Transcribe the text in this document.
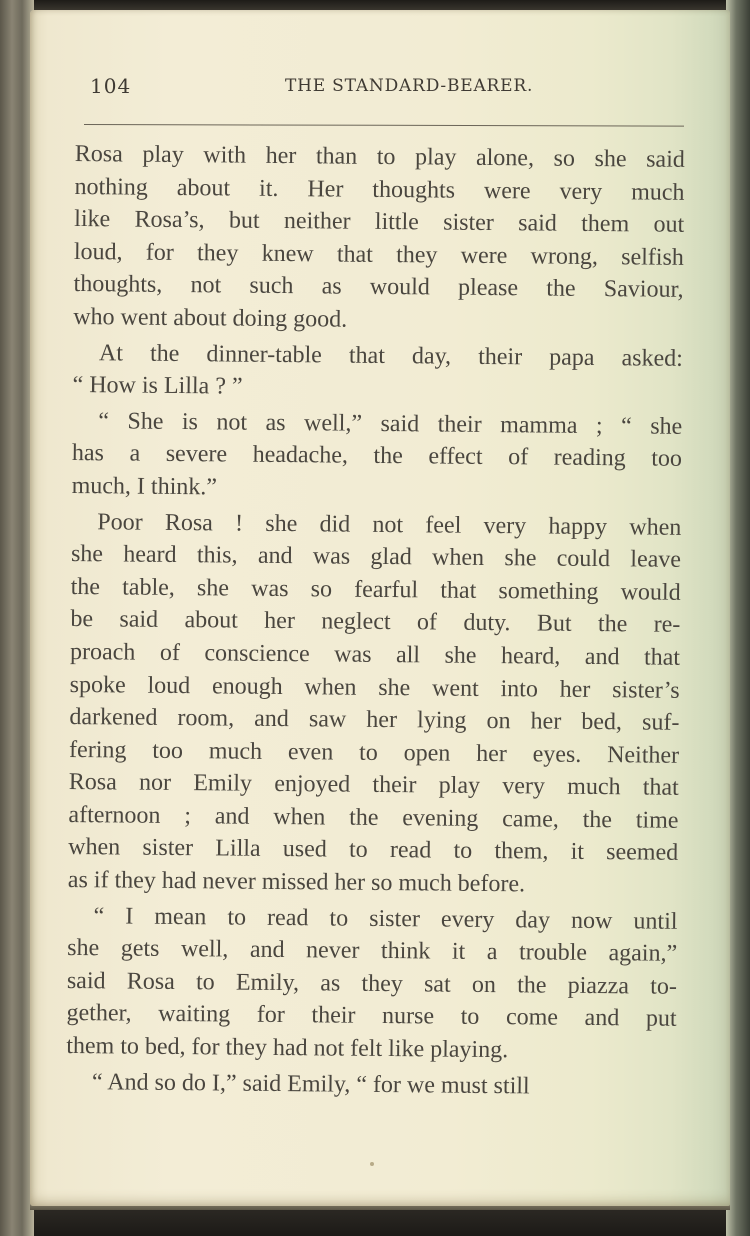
104	THE STANDARD-BEARER.
Rosa play with her than to play alone, so she said
nothing about it. Her thoughts were very much
like Rosa’s, but neither little sister said them out
loud, for they knew that they were wrong, selfish
thoughts, not such as would please the Saviour,
who went about doing good.
At the dinner-table that day, their papa asked:
“ How is Lilla ? ”
“ She is not as well,” said their mamma ; “ she
has a severe headache, the effect of reading too
much, I think.”
Poor Rosa ! she did not feel very happy when
she heard this, and was glad when she could leave
the table, she was so fearful that something would
be said about her neglect of duty. But the re-
proach of conscience was all she heard, and that
spoke loud enough when she went into her sister’s
darkened room, and saw her lying on her bed, suf-
fering too much even to open her eyes. Neither
Rosa nor Emily enjoyed their play very much that
afternoon ; and when the evening came, the time
when sister Lilla used to read to them, it seemed
as if they had never missed her so much before.
“ I mean to read to sister every day now until
she gets well, and never think it a trouble again,”
said Rosa to Emily, as they sat on the piazza to-
gether, waiting for their nurse to come and put
them to bed, for they had not felt like playing.
“ And so do I,” said Emily, “ for we must still
